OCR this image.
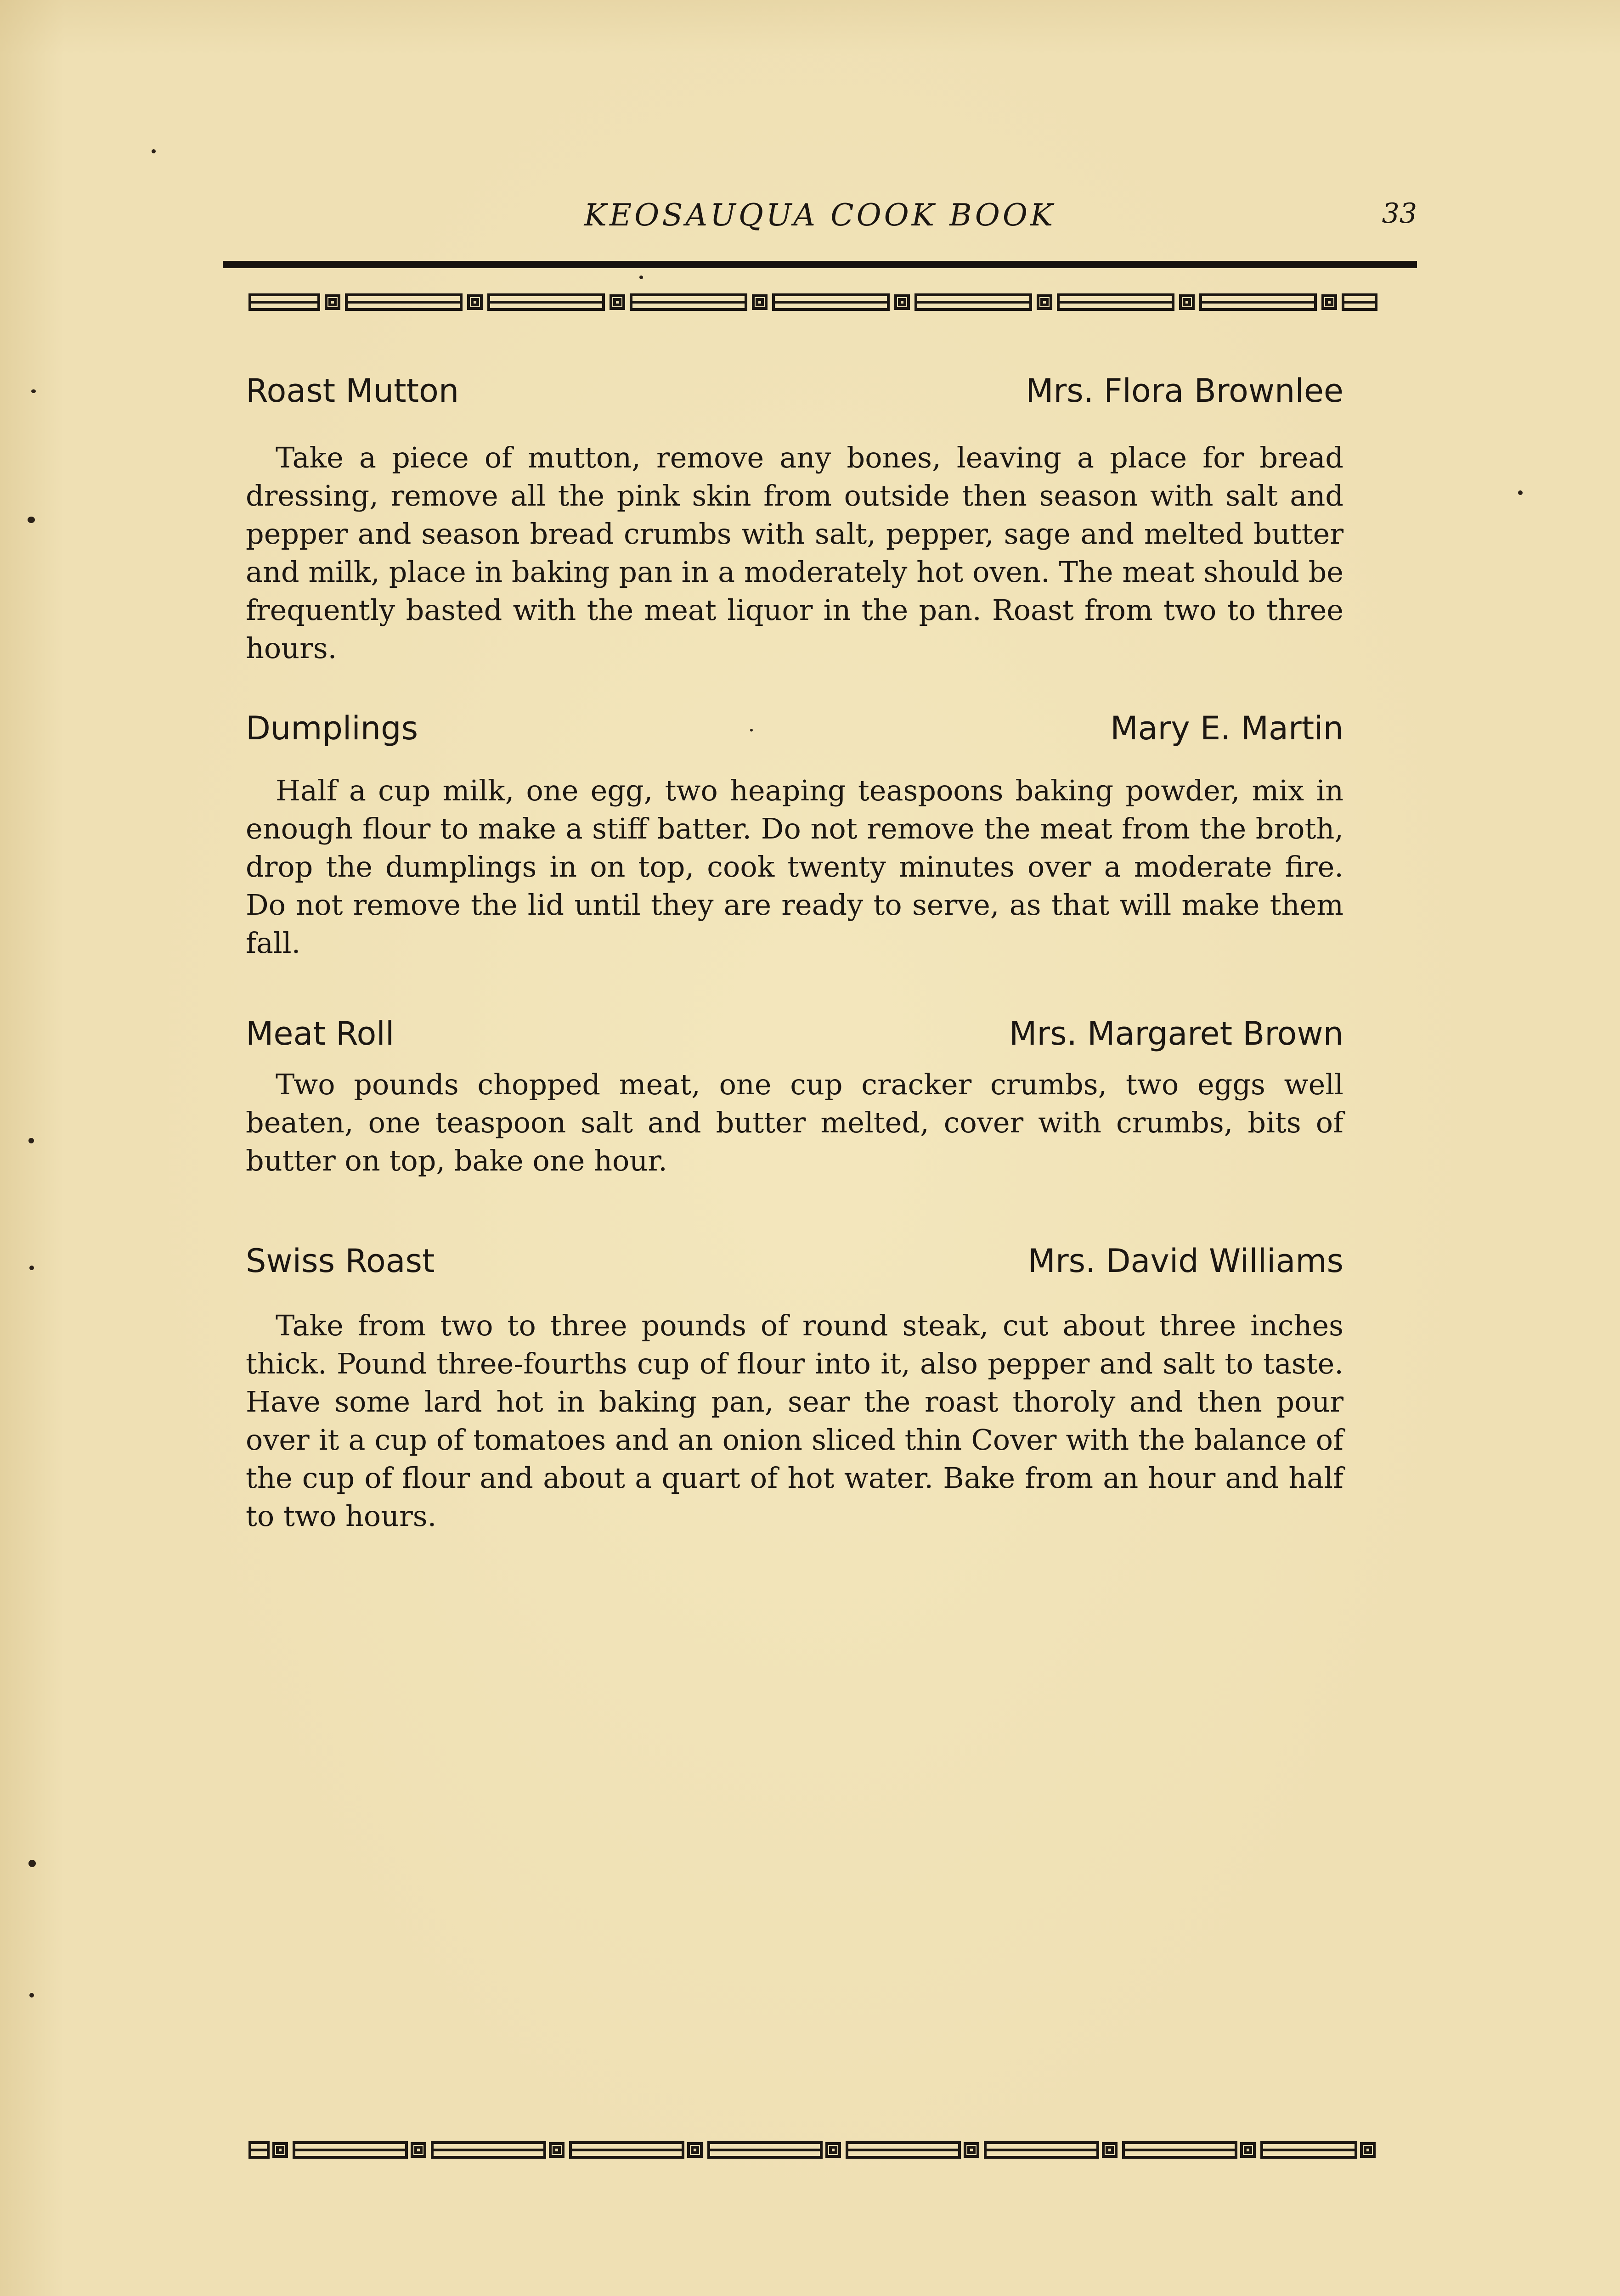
KEOSAUQUA COOK BOOK	33
Roast Mutton	Mrs. Flora Brownlee

Take a piece of mutton, remove any bones, leaving a place for bread dressing, remove all the pink skin from outside then season with salt and pepper and season bread crumbs with salt, pepper, sage and melted butter and milk, place in baking pan in a moderately hot oven. The meat should be frequently basted with the meat liquor in the pan. Roast from two to three hours.

Dumplings	Mary E. Martin

Half a cup milk, one egg, two heaping teaspoons baking powder, mix in enough flour to make a stiff batter. Do not remove the meat from the broth, drop the dumplings in on top, cook twenty minutes over a moderate fire. Do not remove the lid until they are ready to serve, as that will make them fall.

Meat Roll	Mrs. Margaret Brown

Two pounds chopped meat, one cup cracker crumbs, two eggs well beaten, one teaspoon salt and butter melted, cover with crumbs, bits of butter on top, bake one hour.

Swiss Roast	Mrs. David Williams

Take from two to three pounds of round steak, cut about three inches thick. Pound three-fourths cup of flour into it, also pepper and salt to taste. Have some lard hot in baking pan, sear the roast thoroly and then pour over it a cup of tomatoes and an onion sliced thin Cover with the balance of the cup of flour and about a quart of hot water. Bake from an hour and half to two hours.
